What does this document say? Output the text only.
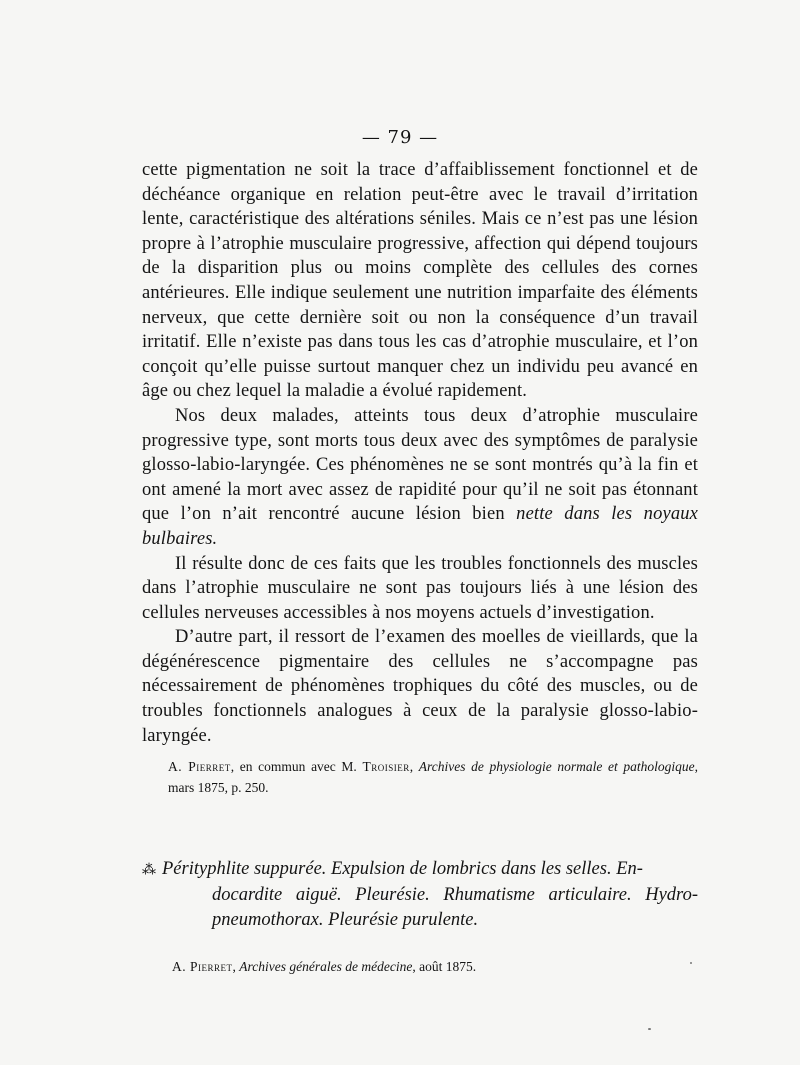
— 79 —

cette pigmentation ne soit la trace d’affaiblissement fonctionnel et de déchéance organique en relation peut-être avec le travail d’irritation lente, caractéristique des altérations séniles. Mais ce n’est pas une lésion propre à l’atrophie musculaire progressive, affection qui dépend toujours de la disparition plus ou moins complète des cellules des cornes antérieures. Elle indique seulement une nutrition imparfaite des éléments nerveux, que cette dernière soit ou non la conséquence d’un travail irritatif. Elle n’existe pas dans tous les cas d’atrophie musculaire, et l’on conçoit qu’elle puisse surtout manquer chez un individu peu avancé en âge ou chez lequel la maladie a évolué rapidement.

Nos deux malades, atteints tous deux d’atrophie musculaire progressive type, sont morts tous deux avec des symptômes de paralysie glosso-labio-laryngée. Ces phénomènes ne se sont montrés qu’à la fin et ont amené la mort avec assez de rapidité pour qu’il ne soit pas étonnant que l’on n’ait rencontré aucune lésion bien nette dans les noyaux bulbaires.

Il résulte donc de ces faits que les troubles fonctionnels des muscles dans l’atrophie musculaire ne sont pas toujours liés à une lésion des cellules nerveuses accessibles à nos moyens actuels d’investigation.

D’autre part, il ressort de l’examen des moelles de vieillards, que la dégénérescence pigmentaire des cellules ne s’accompagne pas nécessairement de phénomènes trophiques du côté des muscles, ou de troubles fonctionnels analogues à ceux de la paralysie glosso-labio-laryngée.

A. Pierret, en commun avec M. Troisier, Archives de physiologie normale et pathologique, mars 1875, p. 250.
⁂ Pérityphlite suppurée. Expulsion de lombrics dans les selles. En-
docardite aiguë. Pleurésie. Rhumatisme articulaire. Hydro-pneumothorax. Pleurésie purulente.
A. Pierret, Archives générales de médecine, août 1875.
